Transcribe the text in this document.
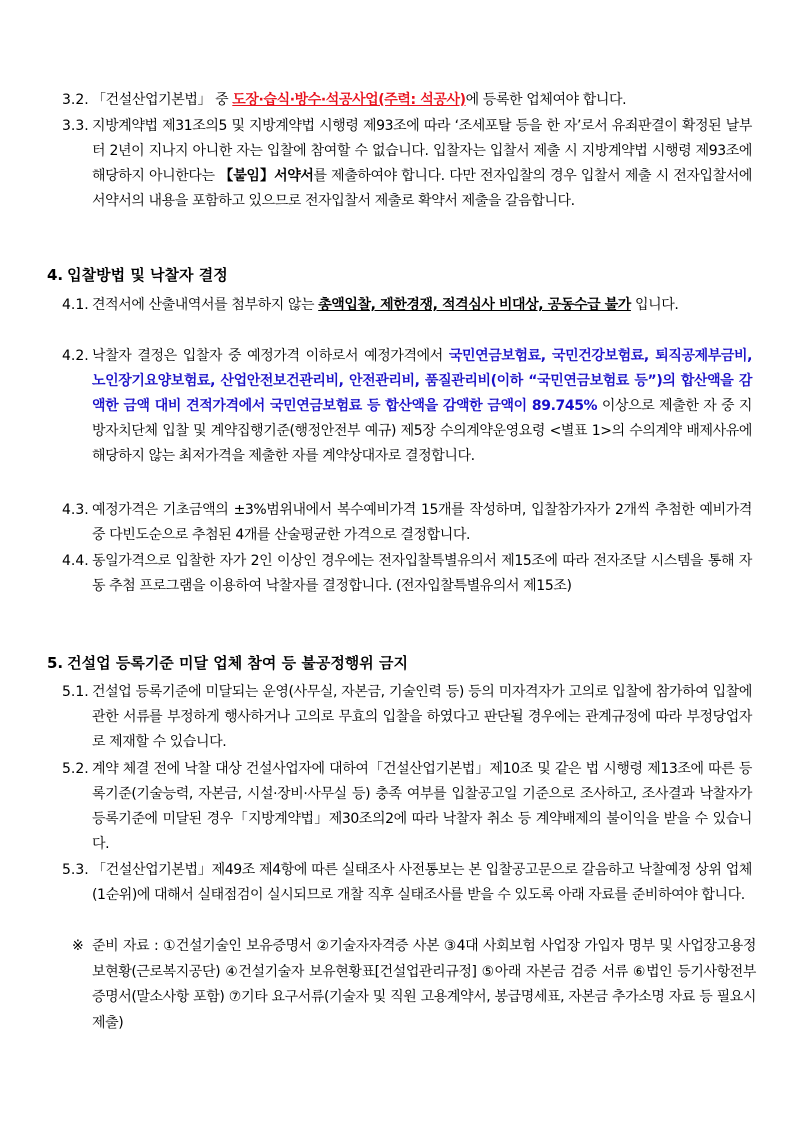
3.2. 「건설산업기본법」 중 도장·습식·방수·석공사업(주력: 석공사)에 등록한 업체여야 합니다.
3.3. 지방계약법 제31조의5 및 지방계약법 시행령 제93조에 따라 ‘조세포탈 등을 한 자’로서 유죄판결이 확정된 날부터 2년이 지나지 아니한 자는 입찰에 참여할 수 없습니다. 입찰자는 입찰서 제출 시 지방계약법 시행령 제93조에 해당하지 아니한다는 【붙임】서약서를 제출하여야 합니다. 다만 전자입찰의 경우 입찰서 제출 시 전자입찰서에 서약서의 내용을 포함하고 있으므로 전자입찰서 제출로 확약서 제출을 갈음합니다.
4. 입찰방법 및 낙찰자 결정
4.1. 견적서에 산출내역서를 첨부하지 않는 총액입찰, 제한경쟁, 적격심사 비대상, 공동수급 불가 입니다.
4.2. 낙찰자 결정은 입찰자 중 예정가격 이하로서 예정가격에서 국민연금보험료, 국민건강보험료, 퇴직공제부금비, 노인장기요양보험료, 산업안전보건관리비, 안전관리비, 품질관리비(이하 “국민연금보험료 등”)의 합산액을 감액한 금액 대비 견적가격에서 국민연금보험료 등 합산액을 감액한 금액이 89.745% 이상으로 제출한 자 중 지방자치단체 입찰 및 계약집행기준(행정안전부 예규) 제5장 수의계약운영요령 <별표 1>의 수의계약 배제사유에 해당하지 않는 최저가격을 제출한 자를 계약상대자로 결정합니다.
4.3. 예정가격은 기초금액의 ±3%범위내에서 복수예비가격 15개를 작성하며, 입찰참가자가 2개씩 추첨한 예비가격 중 다빈도순으로 추첨된 4개를 산술평균한 가격으로 결정합니다.
4.4. 동일가격으로 입찰한 자가 2인 이상인 경우에는 전자입찰특별유의서 제15조에 따라 전자조달 시스템을 통해 자동 추첨 프로그램을 이용하여 낙찰자를 결정합니다. (전자입찰특별유의서 제15조)
5. 건설업 등록기준 미달 업체 참여 등 불공정행위 금지
5.1. 건설업 등록기준에 미달되는 운영(사무실, 자본금, 기술인력 등) 등의 미자격자가 고의로 입찰에 참가하여 입찰에 관한 서류를 부정하게 행사하거나 고의로 무효의 입찰을 하였다고 판단될 경우에는 관계규정에 따라 부정당업자로 제재할 수 있습니다.
5.2. 계약 체결 전에 낙찰 대상 건설사업자에 대하여「건설산업기본법」제10조 및 같은 법 시행령 제13조에 따른 등록기준(기술능력, 자본금, 시설·장비·사무실 등) 충족 여부를 입찰공고일 기준으로 조사하고, 조사결과 낙찰자가 등록기준에 미달된 경우「지방계약법」제30조의2에 따라 낙찰자 취소 등 계약배제의 불이익을 받을 수 있습니다.
5.3. 「건설산업기본법」제49조 제4항에 따른 실태조사 사전통보는 본 입찰공고문으로 갈음하고 낙찰예정 상위 업체(1순위)에 대해서 실태점검이 실시되므로 개찰 직후 실태조사를 받을 수 있도록 아래 자료를 준비하여야 합니다.
※ 준비 자료 : ①건설기술인 보유증명서 ②기술자자격증 사본 ③4대 사회보험 사업장 가입자 명부 및 사업장고용정보현황(근로복지공단) ④건설기술자 보유현황표[건설업관리규정] ⑤아래 자본금 검증 서류 ⑥법인 등기사항전부증명서(말소사항 포함) ⑦기타 요구서류(기술자 및 직원 고용계약서, 봉급명세표, 자본금 추가소명 자료 등 필요시 제출)
